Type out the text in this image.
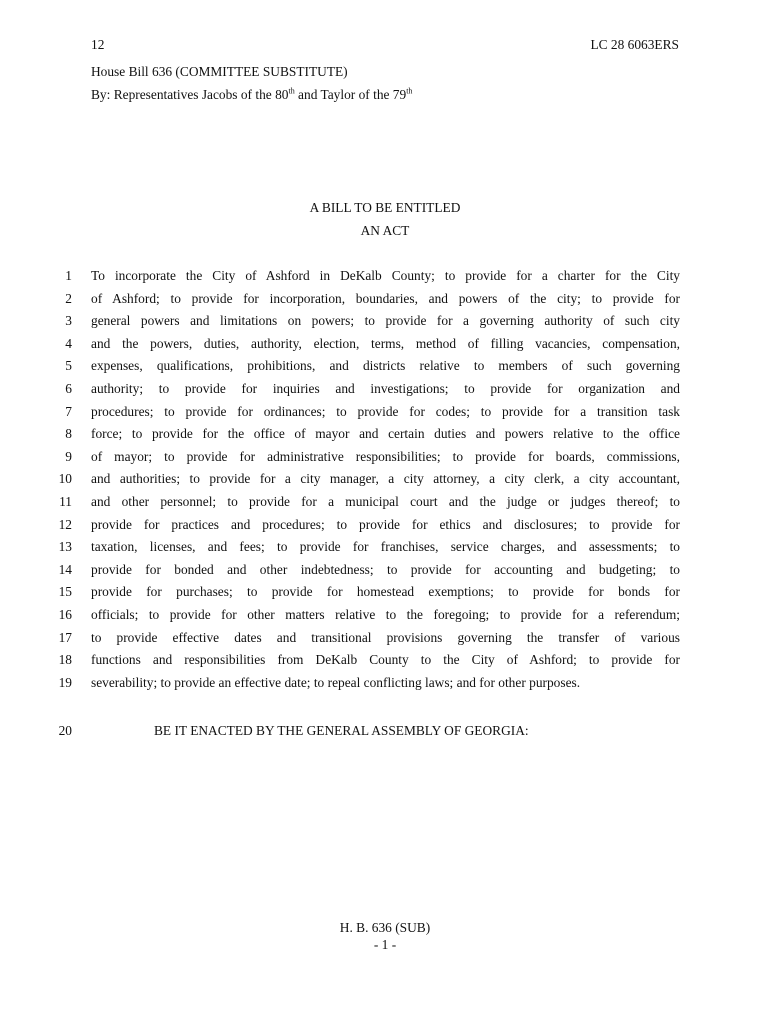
12	LC 28 6063ERS
House Bill 636 (COMMITTEE SUBSTITUTE)
By: Representatives Jacobs of the 80th and Taylor of the 79th
A BILL TO BE ENTITLED
AN ACT
1 To incorporate the City of Ashford in DeKalb County; to provide for a charter for the City
2 of Ashford; to provide for incorporation, boundaries, and powers of the city; to provide for
3 general powers and limitations on powers; to provide for a governing authority of such city
4 and the powers, duties, authority, election, terms, method of filling vacancies, compensation,
5 expenses, qualifications, prohibitions, and districts relative to members of such governing
6 authority; to provide for inquiries and investigations; to provide for organization and
7 procedures; to provide for ordinances; to provide for codes; to provide for a transition task
8 force; to provide for the office of mayor and certain duties and powers relative to the office
9 of mayor; to provide for administrative responsibilities; to provide for boards, commissions,
10 and authorities; to provide for a city manager, a city attorney, a city clerk, a city accountant,
11 and other personnel; to provide for a municipal court and the judge or judges thereof; to
12 provide for practices and procedures; to provide for ethics and disclosures; to provide for
13 taxation, licenses, and fees; to provide for franchises, service charges, and assessments; to
14 provide for bonded and other indebtedness; to provide for accounting and budgeting; to
15 provide for purchases; to provide for homestead exemptions; to provide for bonds for
16 officials; to provide for other matters relative to the foregoing; to provide for a referendum;
17 to provide effective dates and transitional provisions governing the transfer of various
18 functions and responsibilities from DeKalb County to the City of Ashford; to provide for
19 severability; to provide an effective date; to repeal conflicting laws; and for other purposes.
20	BE IT ENACTED BY THE GENERAL ASSEMBLY OF GEORGIA:
H. B. 636 (SUB)
- 1 -
